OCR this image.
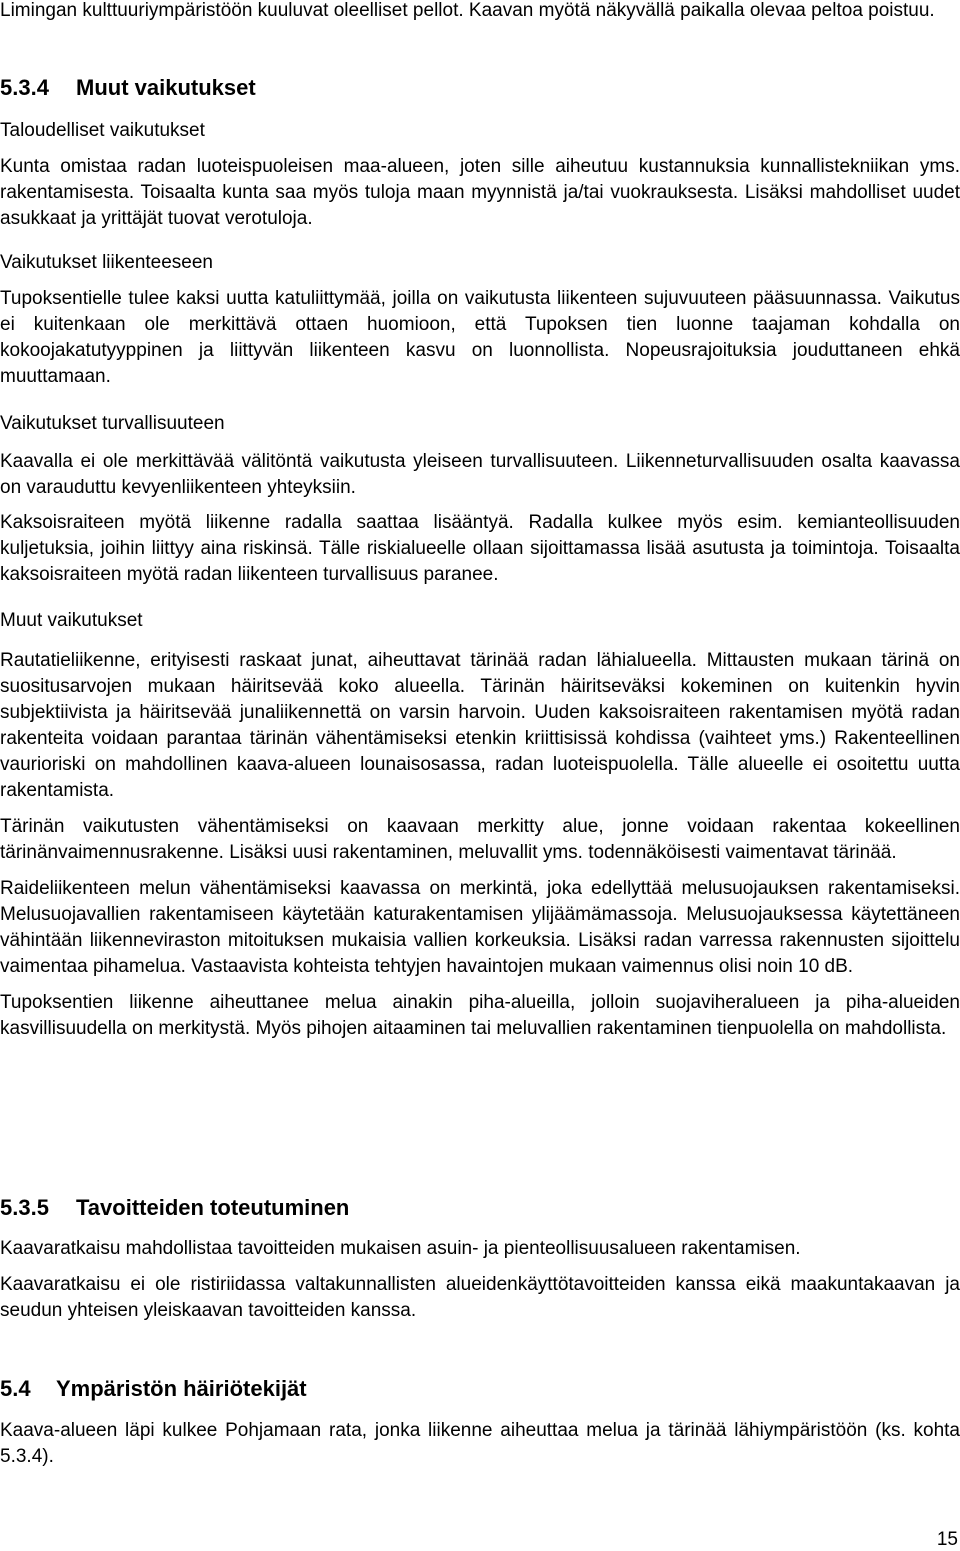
Limingan kulttuuriympäristöön kuuluvat oleelliset pellot. Kaavan myötä näkyvällä paikalla olevaa peltoa poistuu.

5.3.4 Muut vaikutukset

Taloudelliset vaikutukset

Kunta omistaa radan luoteispuoleisen maa-alueen, joten sille aiheutuu kustannuksia kunnallistekniikan yms. rakentamisesta. Toisaalta kunta saa myös tuloja maan myynnistä ja/tai vuokrauksesta. Lisäksi mahdolliset uudet asukkaat ja yrittäjät tuovat verotuloja.

Vaikutukset liikenteeseen

Tupoksentielle tulee kaksi uutta katuliittymää, joilla on vaikutusta liikenteen sujuvuuteen pääsuunnassa. Vaikutus ei kuitenkaan ole merkittävä ottaen huomioon, että Tupoksen tien luonne taajaman kohdalla on kokoojakatutyyppinen ja liittyvän liikenteen kasvu on luonnollista. Nopeusrajoituksia jouduttaneen ehkä muuttamaan.

Vaikutukset turvallisuuteen

Kaavalla ei ole merkittävää välitöntä vaikutusta yleiseen turvallisuuteen. Liikenneturvallisuuden osalta kaavassa on varauduttu kevyenliikenteen yhteyksiin.

Kaksoisraiteen myötä liikenne radalla saattaa lisääntyä. Radalla kulkee myös esim. kemianteollisuuden kuljetuksia, joihin liittyy aina riskinsä. Tälle riskialueelle ollaan sijoittamassa lisää asutusta ja toimintoja. Toisaalta kaksoisraiteen myötä radan liikenteen turvallisuus paranee.

Muut vaikutukset

Rautatieliikenne, erityisesti raskaat junat, aiheuttavat tärinää radan lähialueella. Mittausten mukaan tärinä on suositusarvojen mukaan häiritsevää koko alueella. Tärinän häiritseväksi kokeminen on kuitenkin hyvin subjektiivista ja häiritsevää junaliikennettä on varsin harvoin. Uuden kaksoisraiteen rakentamisen myötä radan rakenteita voidaan parantaa tärinän vähentämiseksi etenkin kriittisissä kohdissa (vaihteet yms.) Rakenteellinen vaurioriski on mahdollinen kaava-alueen lounaisosassa, radan luoteispuolella. Tälle alueelle ei osoitettu uutta rakentamista.

Tärinän vaikutusten vähentämiseksi on kaavaan merkitty alue, jonne voidaan rakentaa kokeellinen tärinänvaimennusrakenne. Lisäksi uusi rakentaminen, meluvallit yms. todennäköisesti vaimentavat tärinää.

Raideliikenteen melun vähentämiseksi kaavassa on merkintä, joka edellyttää melusuojauksen rakentamiseksi. Melusuojavallien rakentamiseen käytetään katurakentamisen ylijäämämassoja. Melusuojauksessa käytettäneen vähintään liikenneviraston mitoituksen mukaisia vallien korkeuksia. Lisäksi radan varressa rakennusten sijoittelu vaimentaa pihamelua. Vastaavista kohteista tehtyjen havaintojen mukaan vaimennus olisi noin 10 dB.

Tupoksentien liikenne aiheuttanee melua ainakin piha-alueilla, jolloin suojaviheralueen ja piha-alueiden kasvillisuudella on merkitystä. Myös pihojen aitaaminen tai meluvallien rakentaminen tienpuolella on mahdollista.

5.3.5 Tavoitteiden toteutuminen

Kaavaratkaisu mahdollistaa tavoitteiden mukaisen asuin- ja pienteollisuusalueen rakentamisen.

Kaavaratkaisu ei ole ristiriidassa valtakunnallisten alueidenkäyttötavoitteiden kanssa eikä maakuntakaavan ja seudun yhteisen yleiskaavan tavoitteiden kanssa.

5.4 Ympäristön häiriötekijät

Kaava-alueen läpi kulkee Pohjamaan rata, jonka liikenne aiheuttaa melua ja tärinää lähiympäristöön (ks. kohta 5.3.4).

15
